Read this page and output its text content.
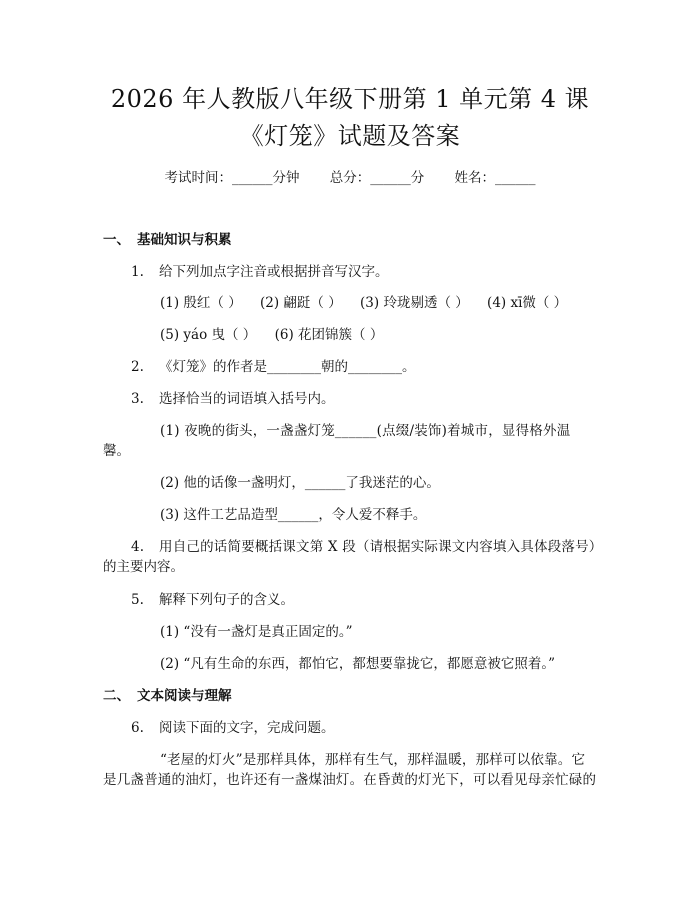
2026 年人教版八年级下册第 1 单元第 4 课
《灯笼》试题及答案
考试时间：______分钟 总分：______分 姓名：______
一、 基础知识与积累
1. 给下列加点字注音或根据拼音写汉字。
(1) 殷红（ ） (2) 翩跹（ ） (3) 玲珑剔透（ ） (4) xī微（ ）
(5) yáo 曳（ ） (6) 花团锦簇（ ）
2. 《灯笼》的作者是________朝的________。
3. 选择恰当的词语填入括号内。
(1) 夜晚的街头，一盏盏灯笼______(点缀/装饰)着城市，显得格外温
馨。
(2) 他的话像一盏明灯，______了我迷茫的心。
(3) 这件工艺品造型______，令人爱不释手。
4. 用自己的话简要概括课文第 X 段（请根据实际课文内容填入具体段落号）
的主要内容。
5. 解释下列句子的含义。
(1) “没有一盏灯是真正固定的。”
(2) “凡有生命的东西，都怕它，都想要靠拢它，都愿意被它照着。”
二、 文本阅读与理解
6. 阅读下面的文字，完成问题。
“老屋的灯火”是那样具体，那样有生气，那样温暖，那样可以依靠。它
是几盏普通的油灯，也许还有一盏煤油灯。在昏黄的灯光下，可以看见母亲忙碌的
